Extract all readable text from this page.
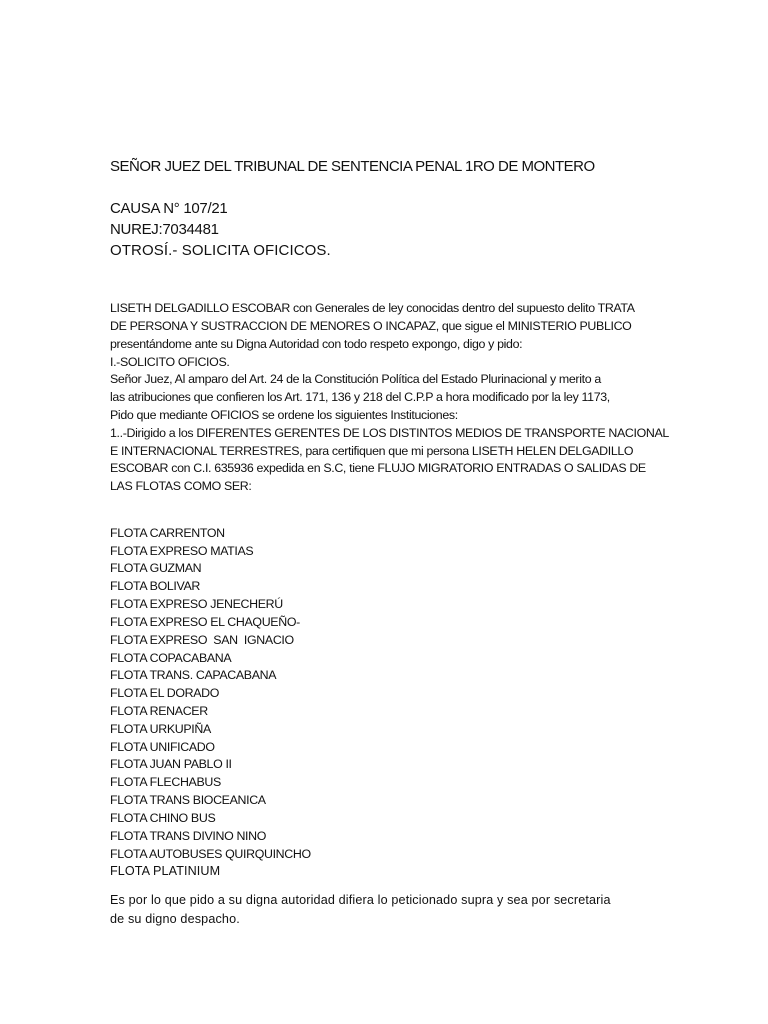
SEÑOR JUEZ DEL TRIBUNAL DE SENTENCIA PENAL 1RO DE MONTERO
CAUSA N° 107/21
NUREJ:7034481
OTROSÍ.- SOLICITA OFICICOS.
LISETH DELGADILLO ESCOBAR con Generales de ley conocidas dentro del supuesto delito TRATA
DE PERSONA Y SUSTRACCION DE MENORES O INCAPAZ, que sigue el MINISTERIO PUBLICO
presentándome ante su Digna Autoridad con todo respeto expongo, digo y pido:
I.-SOLICITO OFICIOS.
Señor Juez, Al amparo del Art. 24 de la Constitución Política del Estado Plurinacional y merito a
las atribuciones que confieren los Art. 171, 136 y 218 del C.P.P a hora modificado por la ley 1173,
Pido que mediante OFICIOS se ordene los siguientes Instituciones:
1..-Dirigido a los DIFERENTES GERENTES DE LOS DISTINTOS MEDIOS DE TRANSPORTE NACIONAL
E INTERNACIONAL TERRESTRES, para certifiquen que mi persona LISETH HELEN DELGADILLO
ESCOBAR con C.I. 635936 expedida en S.C, tiene FLUJO MIGRATORIO ENTRADAS O SALIDAS DE
LAS FLOTAS COMO SER:
FLOTA CARRENTON
FLOTA EXPRESO MATIAS
FLOTA GUZMAN
FLOTA BOLIVAR
FLOTA EXPRESO JENECHERÚ
FLOTA EXPRESO EL CHAQUEÑO-
FLOTA EXPRESO  SAN  IGNACIO
FLOTA COPACABANA
FLOTA TRANS. CAPACABANA
FLOTA EL DORADO
FLOTA RENACER
FLOTA URKUPIÑA
FLOTA UNIFICADO
FLOTA JUAN PABLO II
FLOTA FLECHABUS
FLOTA TRANS BIOCEANICA
FLOTA CHINO BUS
FLOTA TRANS DIVINO NINO
FLOTA AUTOBUSES QUIRQUINCHO
FLOTA PLATINIUM
Es por lo que pido a su digna autoridad difiera lo peticionado supra y sea por secretaria
de su digno despacho.
